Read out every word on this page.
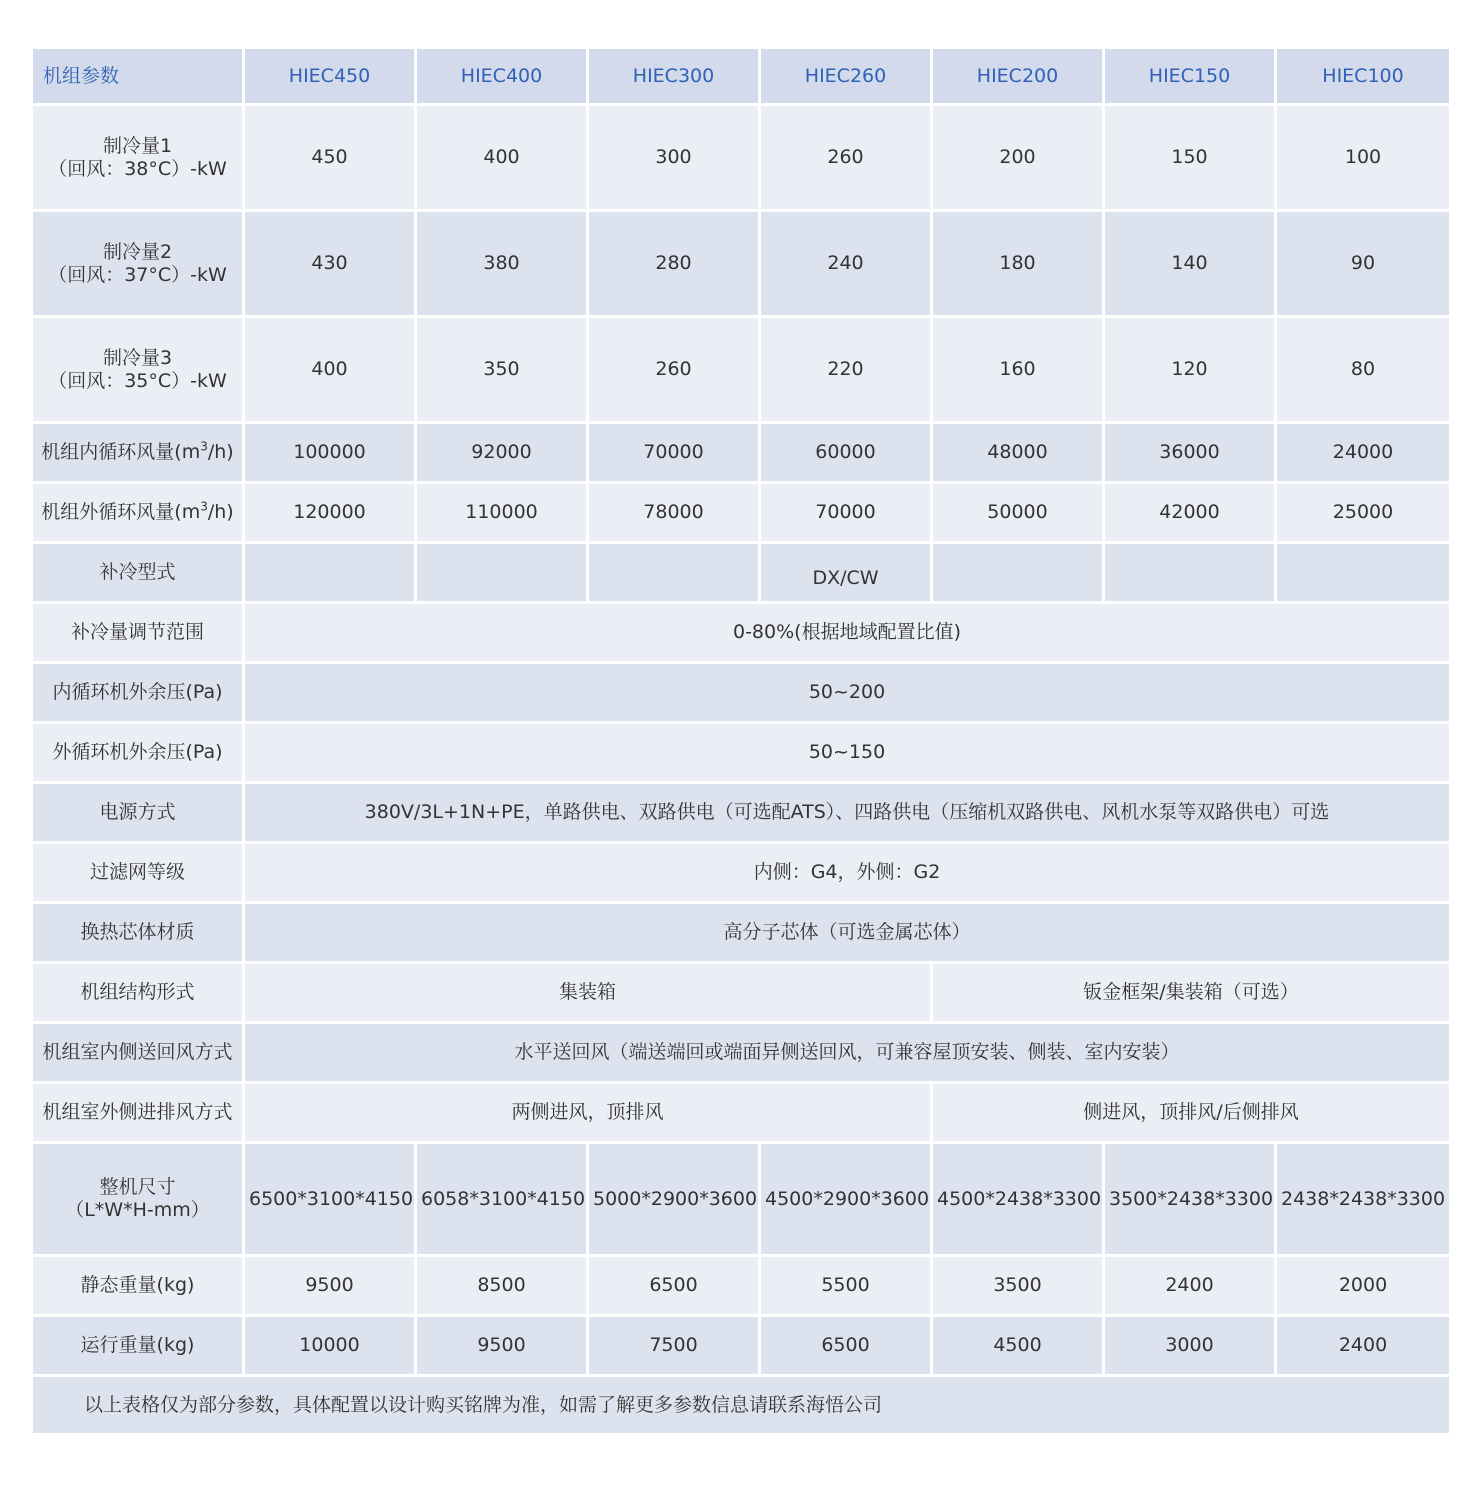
机组参数	HIEC450	HIEC400	HIEC300	HIEC260	HIEC200	HIEC150	HIEC100

制冷量1
（回风：38°C）-kW	450	400	300	260	200	150	100

制冷量2
（回风：37°C）-kW	430	380	280	240	180	140	90

制冷量3
（回风：35°C）-kW	400	350	260	220	160	120	80
机组内循环风量$(m^3/h)$	100000	92000	70000	60000	48000	36000	24000
机组外循环风量$(m^3/h)$	120000	110000	78000	70000	50000	42000	25000
补冷型式				DX/CW			
补冷量调节范围	0-80%(根据地域配置比值)						
内循环机外余压(Pa)	50~200						
外循环机外余压(Pa)	50~150						
电源方式	380V/3L+1N+PE，单路供电、双路供电（可选配ATS）、四路供电（压缩机双路供电、风机水泵等双路供电）可选						
过滤网等级	内侧：G4，外侧：G2						
换热芯体材质	高分子芯体（可选金属芯体）						
机组结构形式	集装箱				钣金框架/集装箱（可选）		
机组室内侧送回风方式	水平送回风（端送端回或端面异侧送回风，可兼容屋顶安装、侧装、室内安装）						
机组室外侧进排风方式	两侧进风，顶排风				侧进风，顶排风/后侧排风		

整机尺寸
（L*W*H-mm）	6500*3100*4150	6058*3100*4150	5000*2900*3600	4500*2900*3600	4500*2438*3300	3500*2438*3300	2438*2438*3300
静态重量(kg)	9500	8500	6500	5500	3500	2400	2000
运行重量(kg)	10000	9500	7500	6500	4500	3000	2400
以上表格仅为部分参数，具体配置以设计购买铭牌为准，如需了解更多参数信息请联系海悟公司							
